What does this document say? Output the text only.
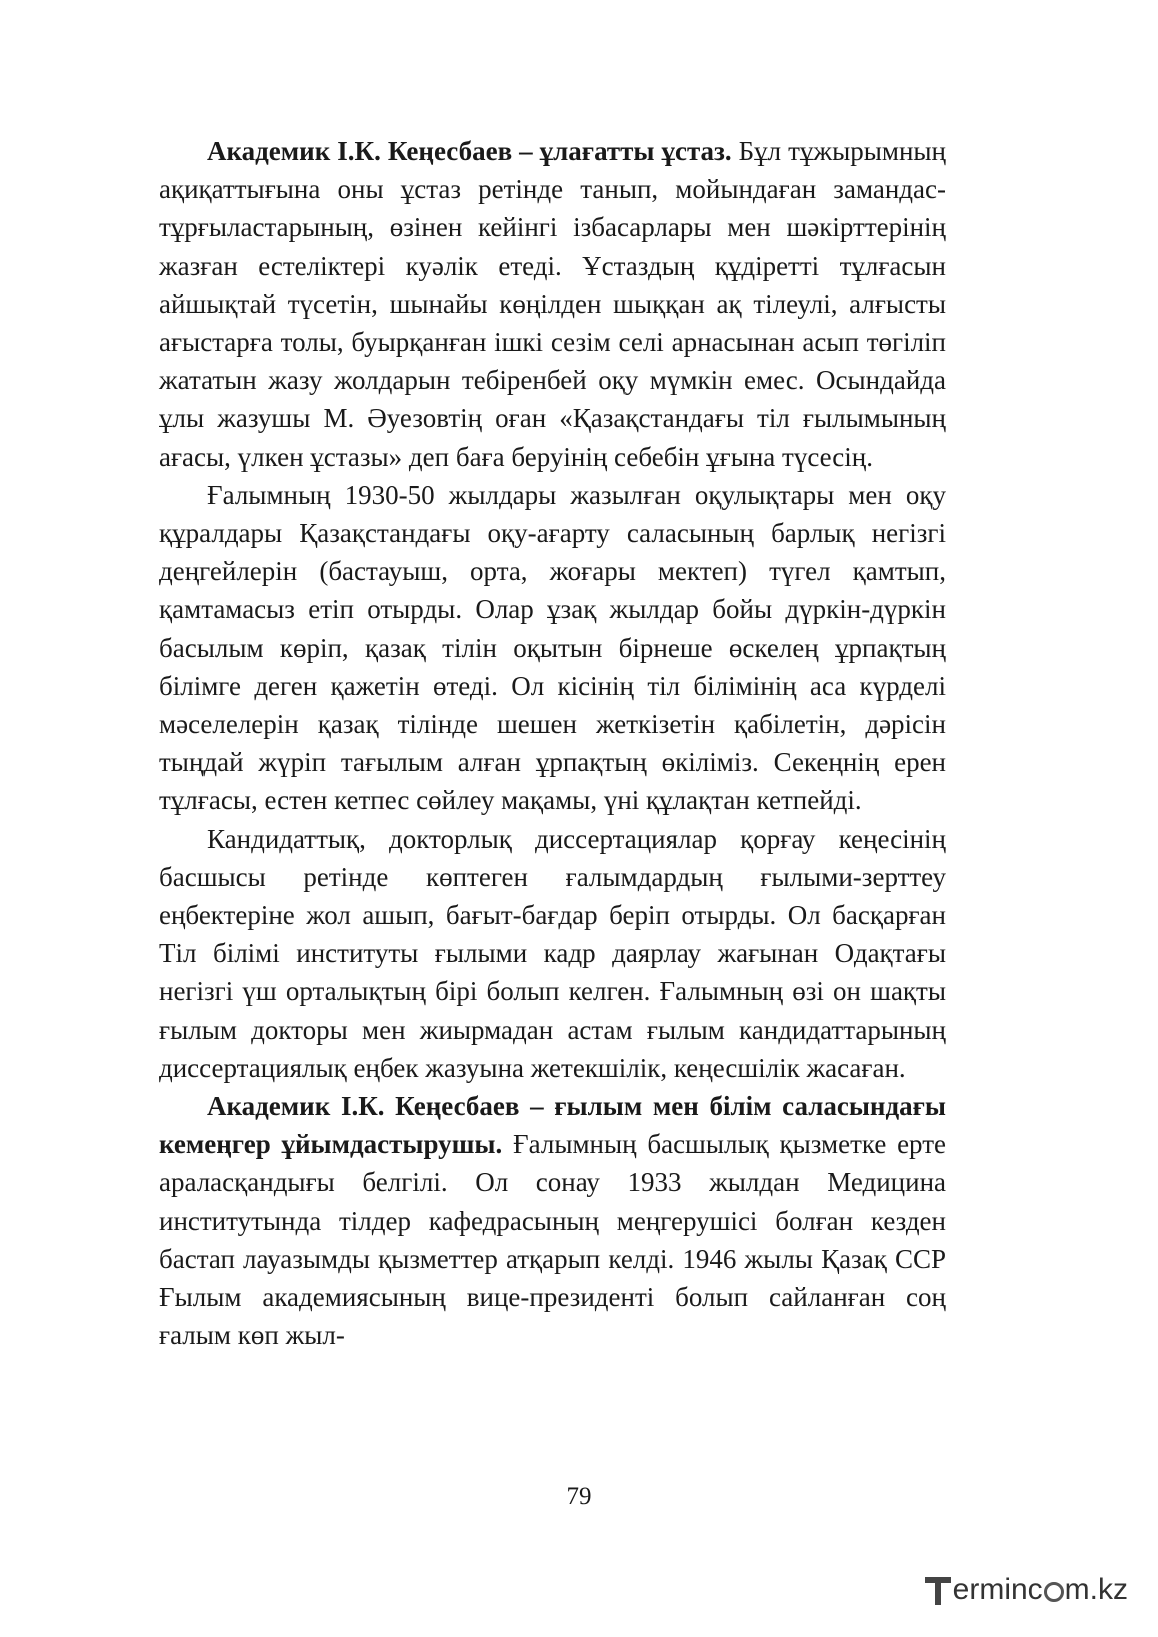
Академик І.К. Кеңесбаев – ұлағатты ұстаз. Бұл тұжырымның ақиқаттығына оны ұстаз ретінде танып, мойындаған замандас-тұрғыластарының, өзінен кейінгі ізбасарлары мен шәкірттерінің жазған естеліктері куәлік етеді. Ұстаздың құдіретті тұлғасын айшықтай түсетін, шынайы көңілден шыққан ақ тілеулі, алғысты ағыстарға толы, буырқанған ішкі сезім селі арнасынан асып төгіліп жататын жазу жолдарын тебіренбей оқу мүмкін емес. Осындайда ұлы жазушы М. Әуезовтің оған «Қазақстандағы тіл ғылымының ағасы, үлкен ұстазы» деп баға беруінің себебін ұғына түсесің.

Ғалымның 1930-50 жылдары жазылған оқулықтары мен оқу құралдары Қазақстандағы оқу-ағарту саласының барлық негізгі деңгейлерін (бастауыш, орта, жоғары мектеп) түгел қамтып, қамтамасыз етіп отырды. Олар ұзақ жылдар бойы дүркін-дүркін басылым көріп, қазақ тілін оқытын бірнеше өскелең ұрпақтың білімге деген қажетін өтеді. Ол кісінің тіл білімінің аса күрделі мәселелерін қазақ тілінде шешен жеткізетін қабілетін, дәрісін тыңдай жүріп тағылым алған ұрпақтың өкіліміз. Секеңнің ерен тұлғасы, естен кетпес сөйлеу мақамы, үні құлақтан кетпейді.

Кандидаттық, докторлық диссертациялар қорғау кеңесінің басшысы ретінде көптеген ғалымдардың ғылыми-зерттеу еңбектеріне жол ашып, бағыт-бағдар беріп отырды. Ол басқарған Тіл білімі институты ғылыми кадр даярлау жағынан Одақтағы негізгі үш орталықтың бірі болып келген. Ғалымның өзі он шақты ғылым докторы мен жиырмадан астам ғылым кандидаттарының диссертациялық еңбек жазуына жетекшілік, кеңесшілік жасаған.

Академик І.К. Кеңесбаев – ғылым мен білім саласындағы кемеңгер ұйымдастырушы. Ғалымның басшылық қызметке ерте араласқандығы белгілі. Ол сонау 1933 жылдан Медицина институтында тілдер кафедрасының меңгерушісі болған кезден бастап лауазымды қызметтер атқарып келді. 1946 жылы Қазақ ССР Ғылым академиясының вице-президенті болып сайланған соң ғалым көп жыл-

79
erminc m.kz
